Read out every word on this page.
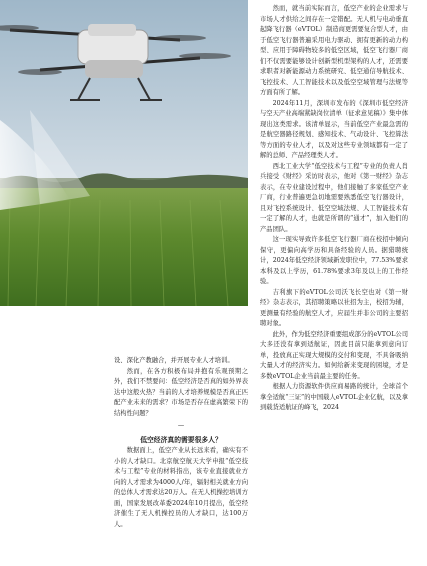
设、深化产教融合，并开展专业人才培训。

然而，在各方积极布局并抱有乐观预期之外，我们不禁要问：低空经济是否真的如外界表达中这般火热？当前的人才培养规模是否真正匹配产业未来的需求？市场是否存在虚高繁荣下的结构性问题？

—

低空经济真的需要很多人？

数据面上，低空产业从长远来看，确实有不小的人才缺口。北京航空航天大学申报“低空技术与工程”专业的材料指出，该专业直接就业方向的人才需求为4000人/年，辐射相关就业方向的总体人才需求达20万人。在无人机操控培训方面，国家发展改革委2024年10月提出，低空经济催生了无人机操控员的人才缺口，达100万人。

然而，就当前实际而言，低空产业的企业需求与市场人才供给之间存在一定错配。无人机与电动垂直起降飞行器（eVTOL）制造商更需要复合型人才，由于低空飞行器普遍采用电力驱动、拥有更新的动力构型、应用于障碍物较多的低空区域，低空飞行器厂商们不仅需要能够设计创新型机型架构的人才，还需要求职者对新能源动力系统研究、低空通信导航技术、飞控技术、人工智能技术以及低空空域管理与法规等方面有所了解。

2024年11月，深圳市发布的《深圳市低空经济与空天产业高端紧缺岗位清单（征求意见稿）》集中体现出这类需求。该清单显示，当前低空产业最急需的是航空器路径规划、感知技术、气动设计、飞控算法等方面的专业人才，以及对这些专业领域都有一定了解的总师、产品经理类人才。

西北工业大学“低空技术与工程”专业的负责人肖兵接受《财经》采访时表示，他对《第一财经》杂志表示，在专业建设过程中，他们接触了多家低空产业厂商，行业普遍更急切地需要熟悉低空飞行器设计，且对飞控系统设计、低空空域法规、人工智能技术有一定了解的人才，也就是所谓的“通才”，加入他们的产品团队。

这一现实导致许多低空飞行器厂商在校招中倾向保守，更偏向高学历和具备经验的人员。据猎聘统计，2024年低空经济领域新发职位中，77.53%要求本科及以上学历，61.78%要求3年及以上的工作经验。

吉利旗下的eVTOL公司沃飞长空也对《第一财经》杂志表示，其招聘策略以社招为主，校招为辅，更测量有经验的航空人才，应届生并非公司的主要招聘对象。

此外，作为低空经济重要组成部分的eVTOL公司大多还没有拿到适航证，因此目前只能拿到意向订单，投放真正实现大规模的交付和变现，不具备吸纳大量人才的经济实力。如何给新来变现的困境，才是多数eVTOL企业当前最主要的任务。

根据人力资源软件供应商易路的统计，全球首个拿全适航“三证”的中国载人eVTOL企业亿航，以及拿到载货适航证的峰飞，2024
